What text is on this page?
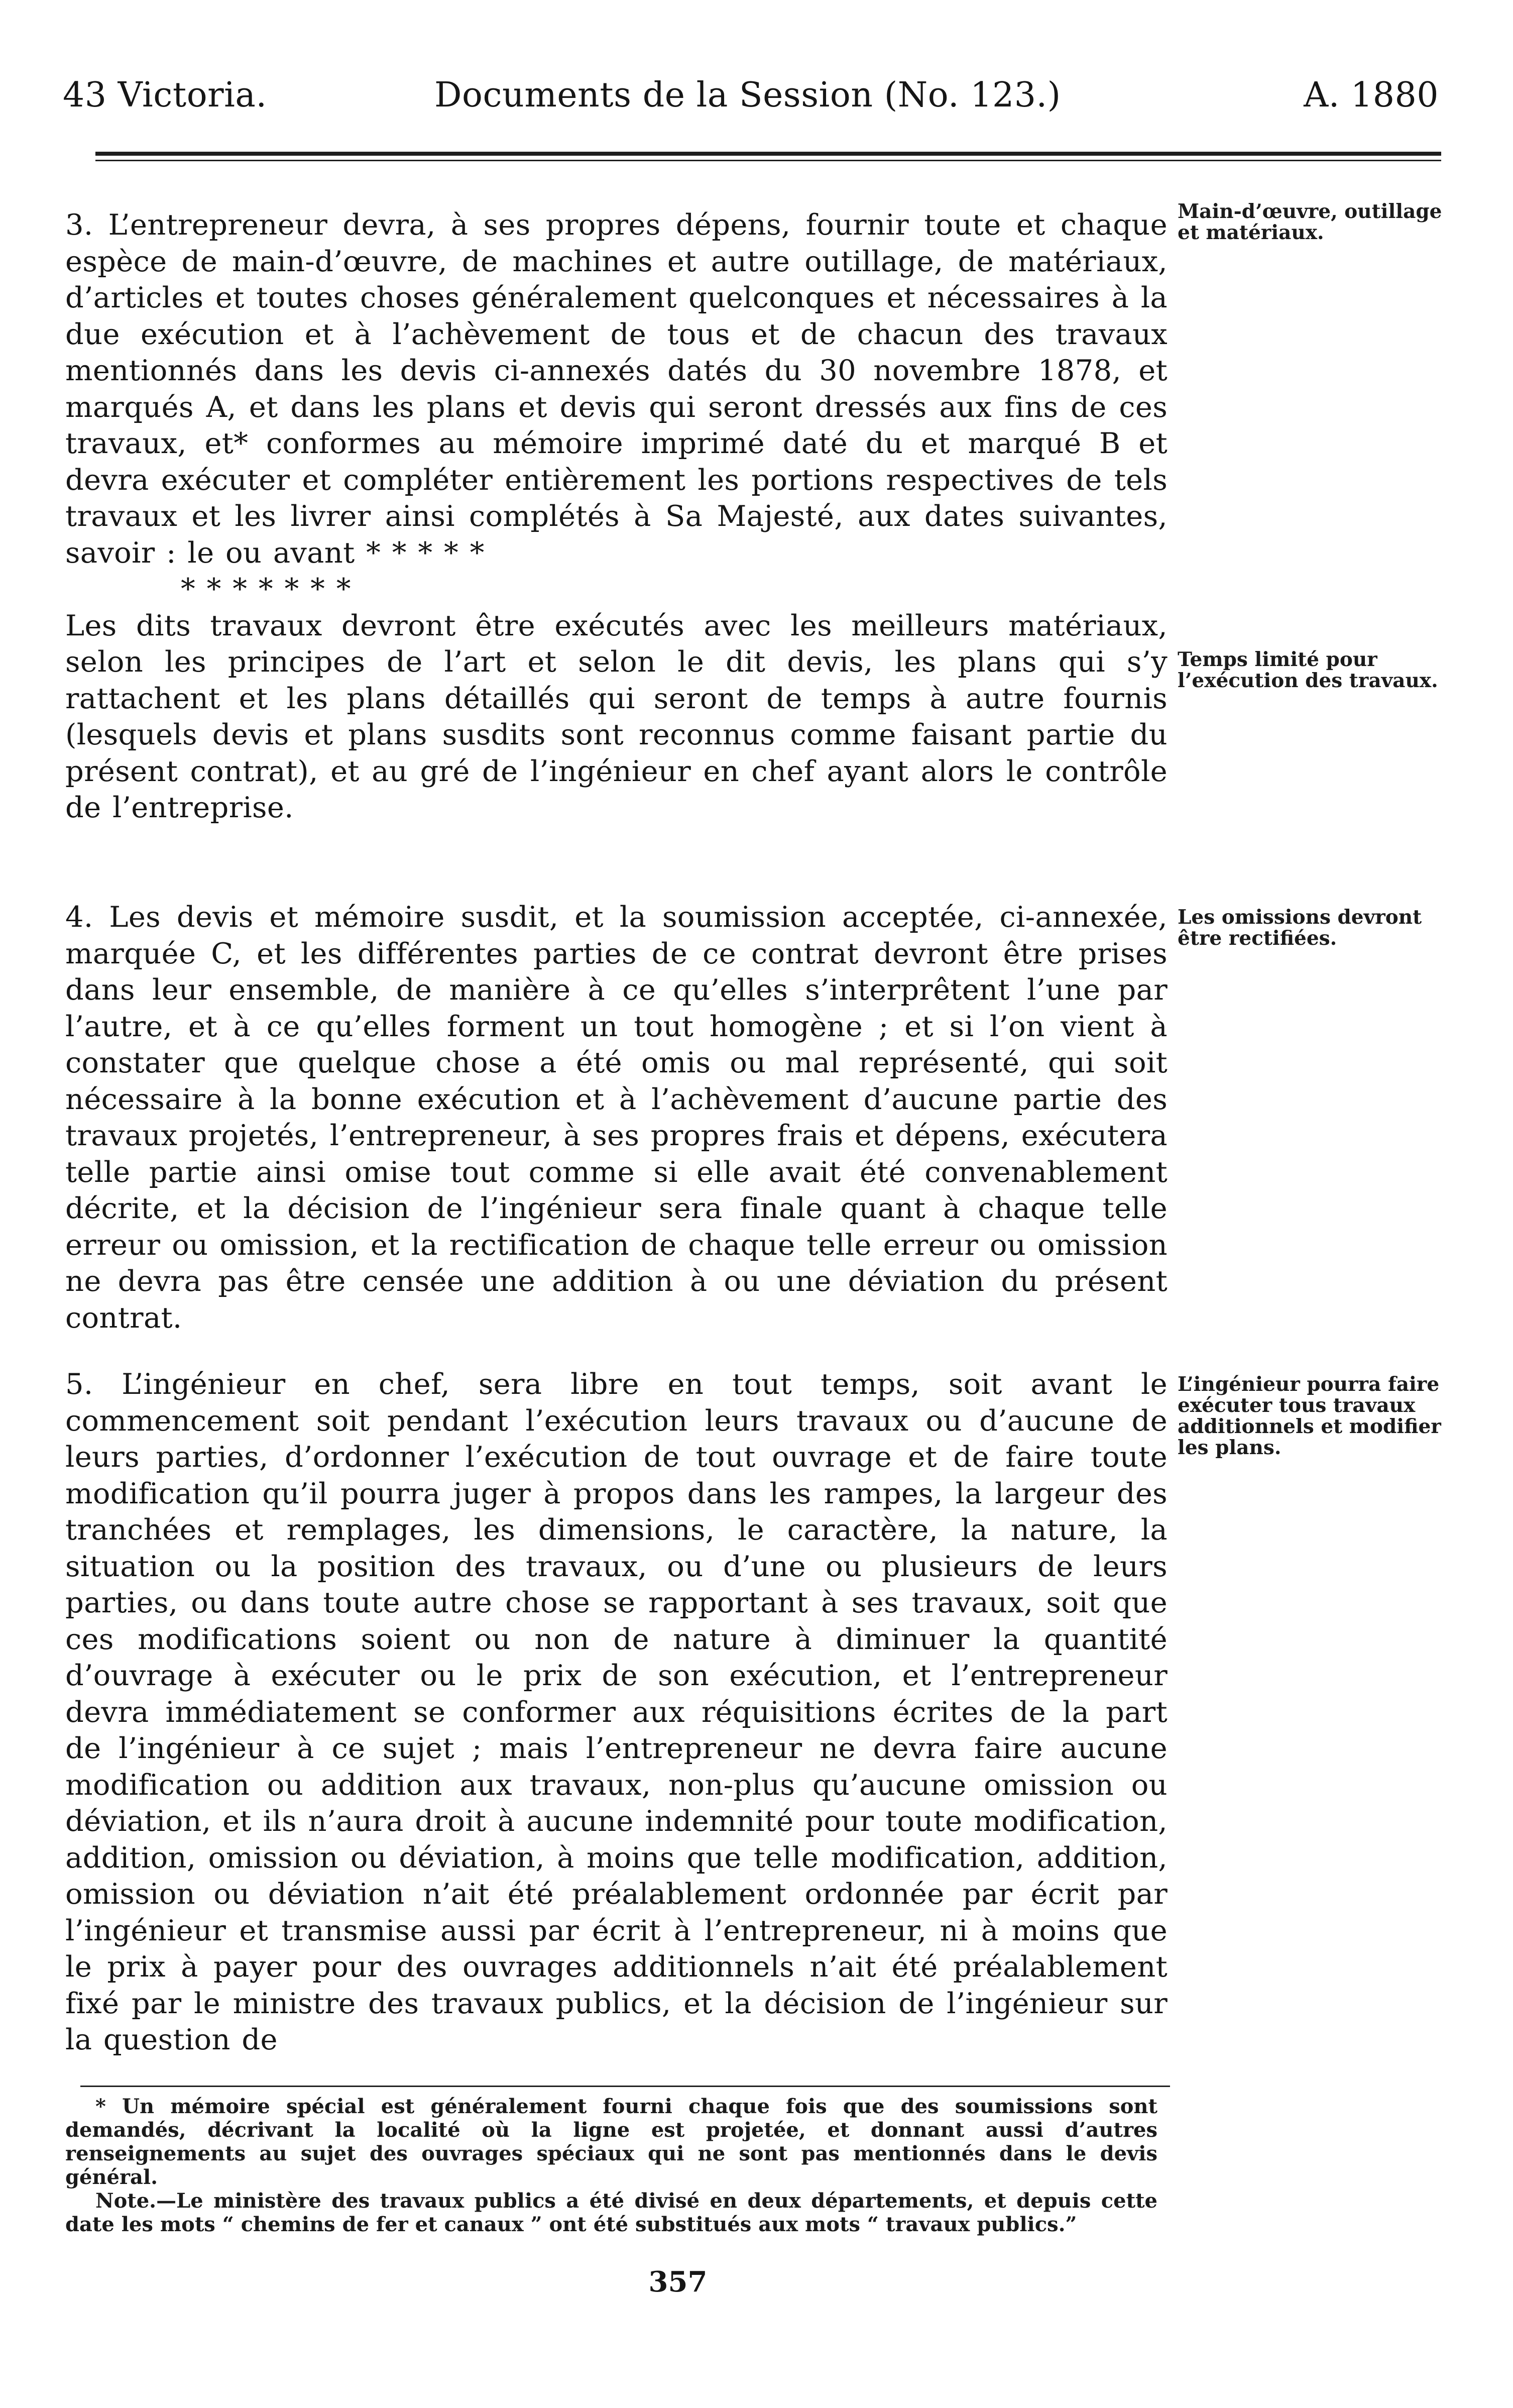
43 Victoria.	Documents de la Session (No. 123.)	A. 1880

3. L’entrepreneur devra, à ses propres dépens, fournir toute et chaque espèce de main-d’œuvre, de machines et autre outillage, de matériaux, d’articles et toutes choses généralement quelconques et nécessaires à la due exécution et à l’achèvement de tous et de chacun des travaux mentionnés dans les devis ci-annexés datés du 30 novembre 1878, et marqués A, et dans les plans et devis qui seront dressés aux fins de ces travaux, et* conformes au mémoire imprimé daté du et marqué B et devra exécuter et compléter entièrement les portions respectives de tels travaux et les livrer ainsi complétés à Sa Majesté, aux dates suivantes, savoir : le ou avant * * * * *

* * * * * * *

Les dits travaux devront être exécutés avec les meilleurs matériaux, selon les principes de l’art et selon le dit devis, les plans qui s’y rattachent et les plans détaillés qui seront de temps à autre fournis (lesquels devis et plans susdits sont reconnus comme faisant partie du présent contrat), et au gré de l’ingénieur en chef ayant alors le contrôle de l’entreprise.

Main-d’œuvre, outillage et matériaux.
Temps limité pour l’exécution des travaux.

4. Les devis et mémoire susdit, et la soumission acceptée, ci-annexée, marquée C, et les différentes parties de ce contrat devront être prises dans leur ensemble, de manière à ce qu’elles s’interprêtent l’une par l’autre, et à ce qu’elles forment un tout homogène ; et si l’on vient à constater que quelque chose a été omis ou mal représenté, qui soit nécessaire à la bonne exécution et à l’achèvement d’aucune partie des travaux projetés, l’entrepreneur, à ses propres frais et dépens, exécutera telle partie ainsi omise tout comme si elle avait été convenablement décrite, et la décision de l’ingénieur sera finale quant à chaque telle erreur ou omission, et la rectification de chaque telle erreur ou omission ne devra pas être censée une addition à ou une déviation du présent contrat.

Les omissions devront être rectifiées.

5. L’ingénieur en chef, sera libre en tout temps, soit avant le commencement soit pendant l’exécution leurs travaux ou d’aucune de leurs parties, d’ordonner l’exécution de tout ouvrage et de faire toute modification qu’il pourra juger à propos dans les rampes, la largeur des tranchées et remplages, les dimensions, le caractère, la nature, la situation ou la position des travaux, ou d’une ou plusieurs de leurs parties, ou dans toute autre chose se rapportant à ses travaux, soit que ces modifications soient ou non de nature à diminuer la quantité d’ouvrage à exécuter ou le prix de son exécution, et l’entrepreneur devra immédiatement se conformer aux réquisitions écrites de la part de l’ingénieur à ce sujet ; mais l’entrepreneur ne devra faire aucune modification ou addition aux travaux, non-plus qu’aucune omission ou déviation, et ils n’aura droit à aucune indemnité pour toute modification, addition, omission ou déviation, à moins que telle modification, addition, omission ou déviation n’ait été préalablement ordonnée par écrit par l’ingénieur et transmise aussi par écrit à l’entrepreneur, ni à moins que le prix à payer pour des ouvrages additionnels n’ait été préalablement fixé par le ministre des travaux publics, et la décision de l’ingénieur sur la question de

L’ingénieur pourra faire exécuter tous travaux additionnels et modifier les plans.

* Un mémoire spécial est généralement fourni chaque fois que des soumissions sont demandés, décrivant la localité où la ligne est projetée, et donnant aussi d’autres renseignements au sujet des ouvrages spéciaux qui ne sont pas mentionnés dans le devis général.

Note.—Le ministère des travaux publics a été divisé en deux départements, et depuis cette date les mots “ chemins de fer et canaux ” ont été substitués aux mots “ travaux publics.”

357
